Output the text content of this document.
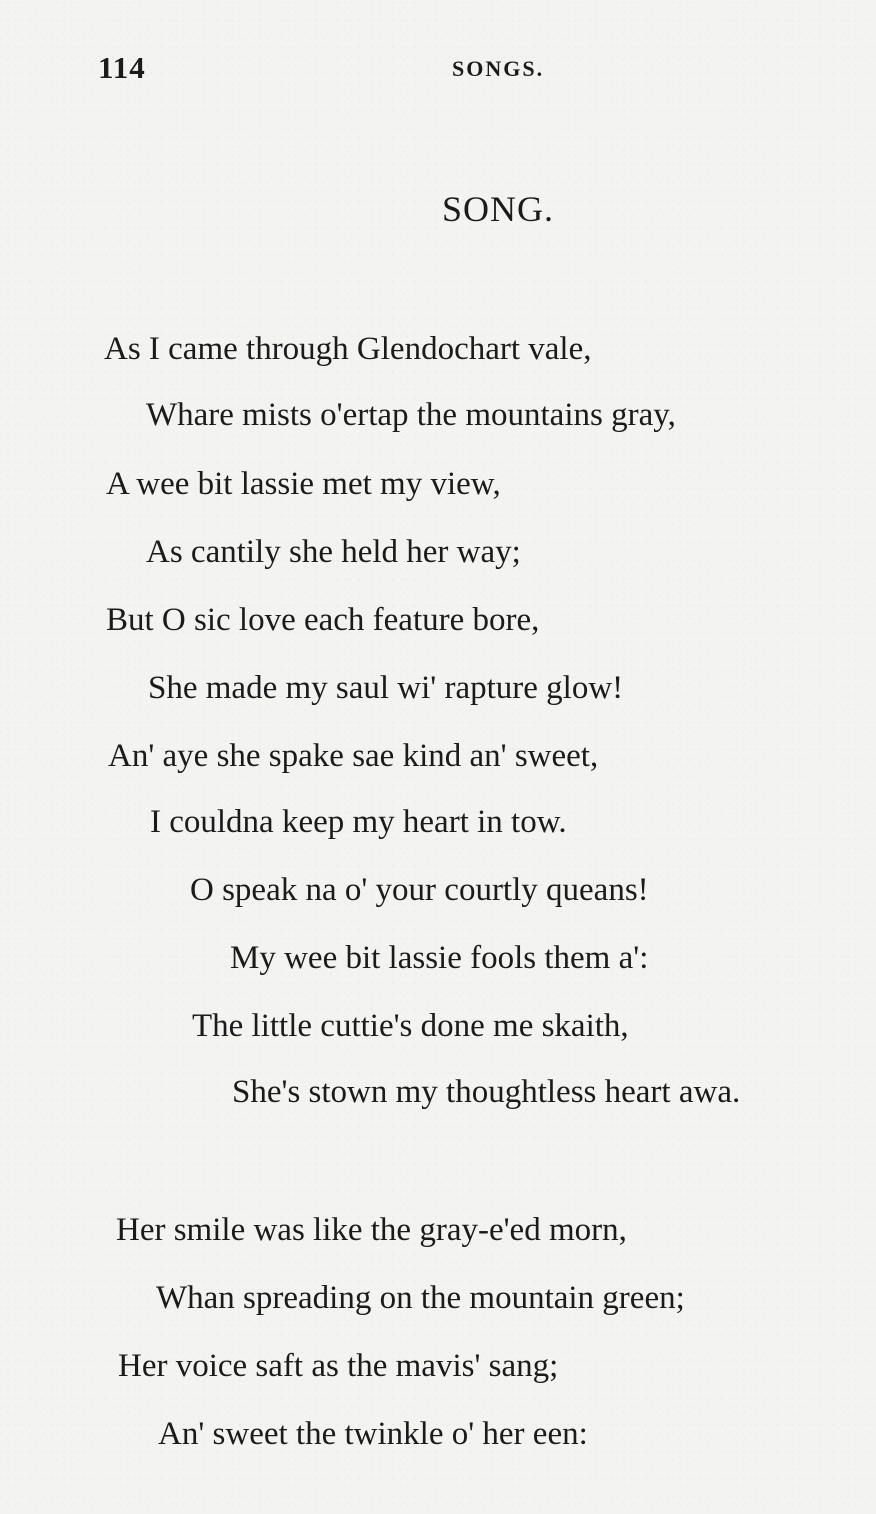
114	SONGS.
SONG.
As I came through Glendochart vale,
Whare mists o'ertap the mountains gray,
A wee bit lassie met my view,
As cantily she held her way;
But O sic love each feature bore,
She made my saul wi' rapture glow!
An' aye she spake sae kind an' sweet,
I couldna keep my heart in tow.
O speak na o' your courtly queans!
My wee bit lassie fools them a':
The little cuttie's done me skaith,
She's stown my thoughtless heart awa.
Her smile was like the gray-e'ed morn,
Whan spreading on the mountain green;
Her voice saft as the mavis' sang;
An' sweet the twinkle o' her een:
